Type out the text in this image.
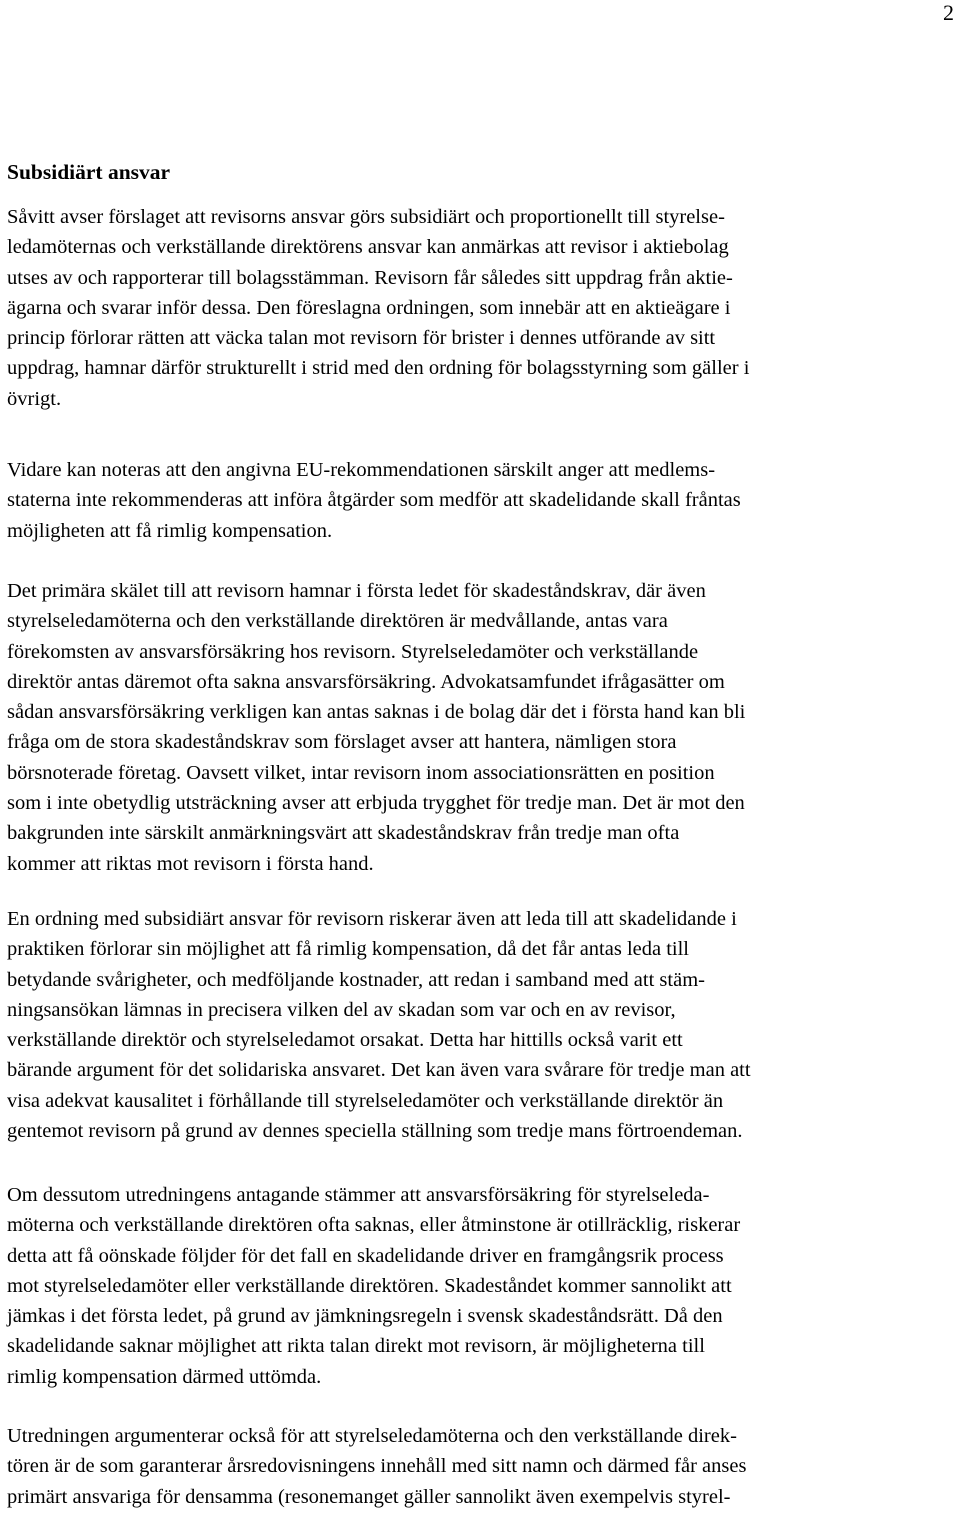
2
Subsidiärt ansvar
Såvitt avser förslaget att revisorns ansvar görs subsidiärt och proportionellt till styrelse-
ledamöternas och verkställande direktörens ansvar kan anmärkas att revisor i aktiebolag
utses av och rapporterar till bolagsstämman. Revisorn får således sitt uppdrag från aktie-
ägarna och svarar inför dessa. Den föreslagna ordningen, som innebär att en aktieägare i
princip förlorar rätten att väcka talan mot revisorn för brister i dennes utförande av sitt
uppdrag, hamnar därför strukturellt i strid med den ordning för bolagsstyrning som gäller i
övrigt.
Vidare kan noteras att den angivna EU-rekommendationen särskilt anger att medlems-
staterna inte rekommenderas att införa åtgärder som medför att skadelidande skall fråntas
möjligheten att få rimlig kompensation.
Det primära skälet till att revisorn hamnar i första ledet för skadeståndskrav, där även
styrelseledamöterna och den verkställande direktören är medvållande, antas vara
förekomsten av ansvarsförsäkring hos revisorn. Styrelseledamöter och verkställande
direktör antas däremot ofta sakna ansvarsförsäkring. Advokatsamfundet ifrågasätter om
sådan ansvarsförsäkring verkligen kan antas saknas i de bolag där det i första hand kan bli
fråga om de stora skadeståndskrav som förslaget avser att hantera, nämligen stora
börsnoterade företag. Oavsett vilket, intar revisorn inom associationsrätten en position
som i inte obetydlig utsträckning avser att erbjuda trygghet för tredje man. Det är mot den
bakgrunden inte särskilt anmärkningsvärt att skadeståndskrav från tredje man ofta
kommer att riktas mot revisorn i första hand.
En ordning med subsidiärt ansvar för revisorn riskerar även att leda till att skadelidande i
praktiken förlorar sin möjlighet att få rimlig kompensation, då det får antas leda till
betydande svårigheter, och medföljande kostnader, att redan i samband med att stäm-
ningsansökan lämnas in precisera vilken del av skadan som var och en av revisor,
verkställande direktör och styrelseledamot orsakat. Detta har hittills också varit ett
bärande argument för det solidariska ansvaret. Det kan även vara svårare för tredje man att
visa adekvat kausalitet i förhållande till styrelseledamöter och verkställande direktör än
gentemot revisorn på grund av dennes speciella ställning som tredje mans förtroendeman.
Om dessutom utredningens antagande stämmer att ansvarsförsäkring för styrelseleda-
möterna och verkställande direktören ofta saknas, eller åtminstone är otillräcklig, riskerar
detta att få oönskade följder för det fall en skadelidande driver en framgångsrik process
mot styrelseledamöter eller verkställande direktören. Skadeståndet kommer sannolikt att
jämkas i det första ledet, på grund av jämkningsregeln i svensk skadeståndsrätt. Då den
skadelidande saknar möjlighet att rikta talan direkt mot revisorn, är möjligheterna till
rimlig kompensation därmed uttömda.
Utredningen argumenterar också för att styrelseledamöterna och den verkställande direk-
tören är de som garanterar årsredovisningens innehåll med sitt namn och därmed får anses
primärt ansvariga för densamma (resonemanget gäller sannolikt även exempelvis styrel-
